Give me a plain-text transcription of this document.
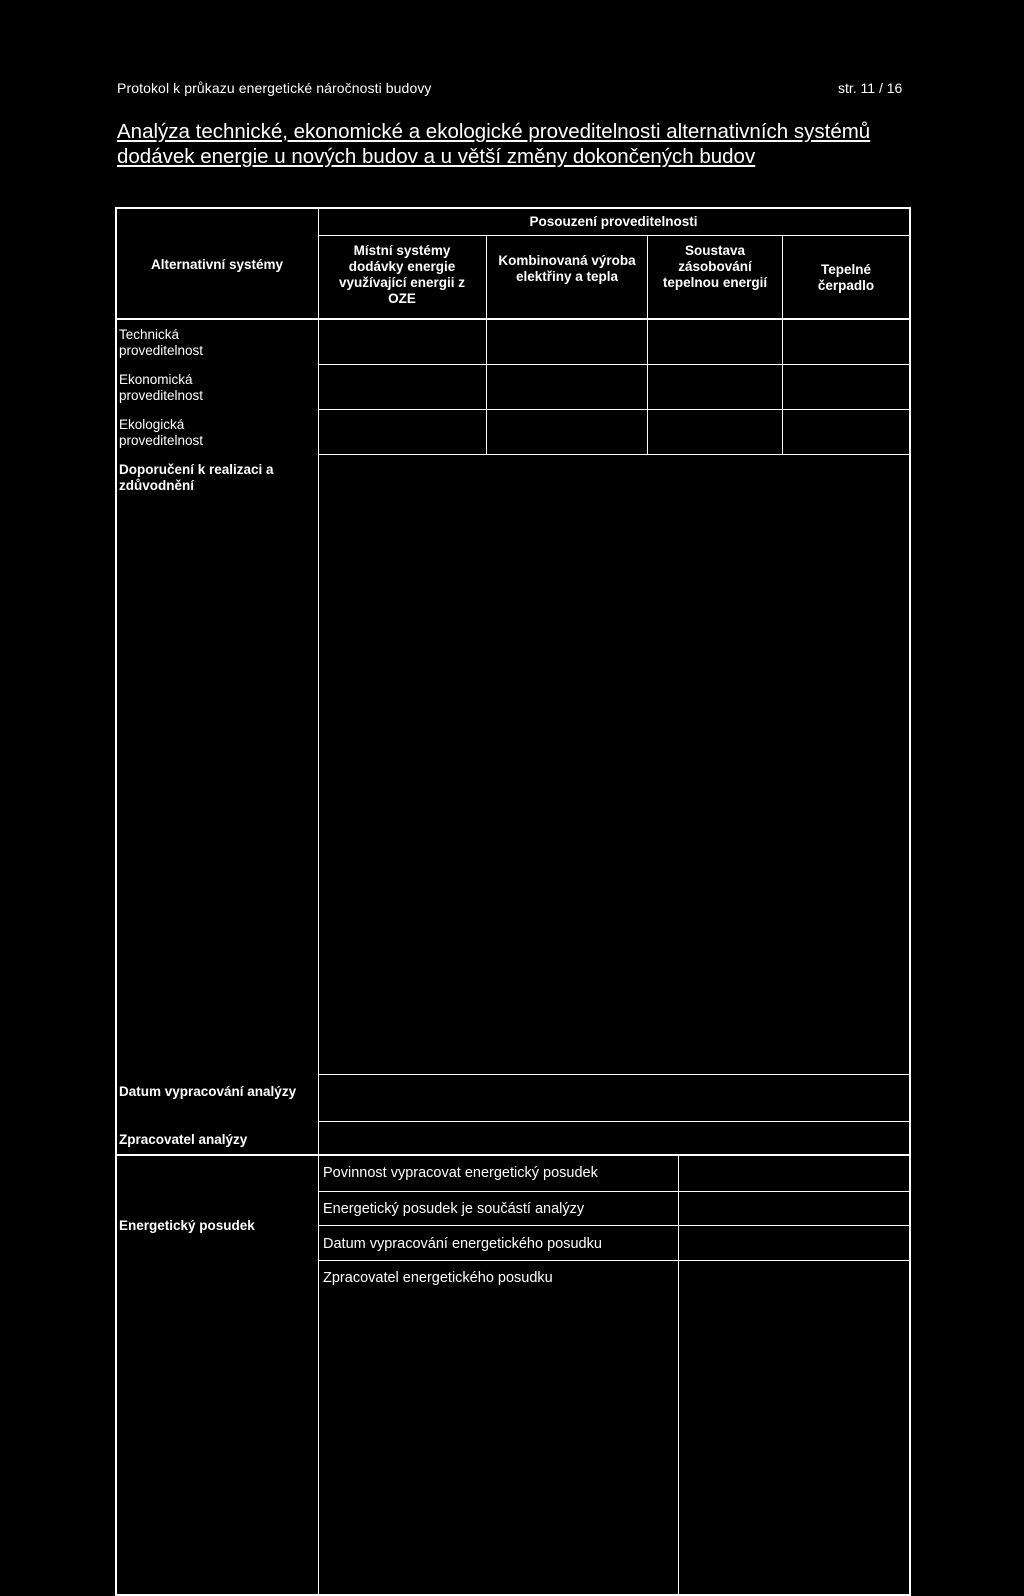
Protokol k průkazu energetické náročnosti budovy	str. 11 / 16
Analýza technické, ekonomické a ekologické proveditelnosti alternativních systémů dodávek energie u nových budov a u větší změny dokončených budov
Alternativní systémy
Posouzení proveditelnosti
Místní systémy dodávky energie využívající energii z OZE
Kombinovaná výroba elektřiny a tepla
Soustava zásobování tepelnou energií
Tepelné čerpadlo
Technická proveditelnost
Ekonomická proveditelnost
Ekologická proveditelnost
Doporučení k realizaci a zdůvodnění
Datum vypracování analýzy
Zpracovatel analýzy
Energetický posudek
Povinnost vypracovat energetický posudek
Energetický posudek je součástí analýzy
Datum vypracování energetického posudku
Zpracovatel energetického posudku
